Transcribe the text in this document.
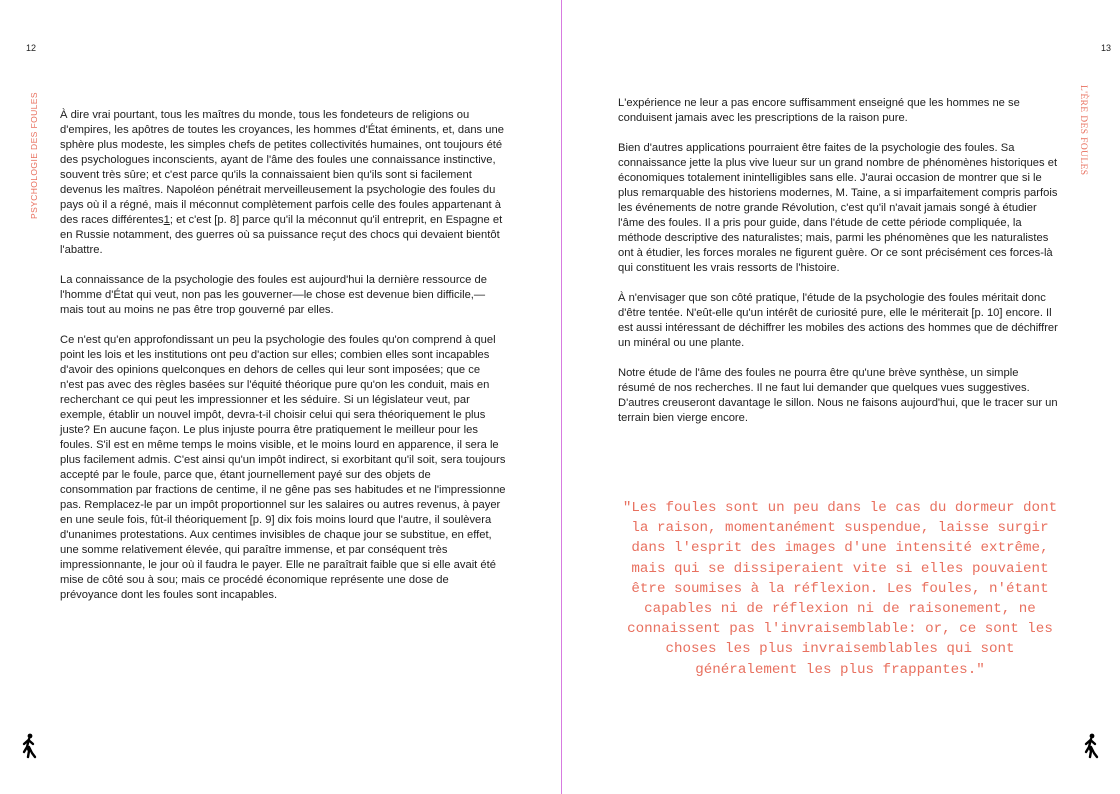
12
PSYCHOLOGIE DES FOULES À dire vrai pourtant, tous les maîtres du monde, tous les fondeteurs de religions ou d'empires, les apôtres de toutes les croyances, les hommes d'État éminents, et, dans une sphère plus modeste, les simples chefs de petites collectivités humaines, ont toujours été des psychologues inconscients, ayant de l'âme des foules une connaissance instinctive, souvent très sûre; et c'est parce qu'ils la connaissaient bien qu'ils sont si facilement devenus les maîtres. Napoléon pénétrait merveilleusement la psychologie des foules du pays où il a régné, mais il méconnut complètement parfois celle des foules appartenant à des races différentes1; et c'est [p. 8] parce qu'il la méconnut qu'il entreprit, en Espagne et en Russie notamment, des guerres où sa puissance reçut des chocs qui devaient bientôt l'abattre.

La connaissance de la psychologie des foules est aujourd'hui la dernière ressource de l'homme d'État qui veut, non pas les gouverner—le chose est devenue bien difficile,—mais tout au moins ne pas être trop gouverné par elles.

Ce n'est qu'en approfondissant un peu la psychologie des foules qu'on comprend à quel point les lois et les institutions ont peu d'action sur elles; combien elles sont incapables d'avoir des opinions quelconques en dehors de celles qui leur sont imposées; que ce n'est pas avec des règles basées sur l'équité théorique pure qu'on les conduit, mais en recherchant ce qui peut les impressionner et les séduire. Si un législateur veut, par exemple, établir un nouvel impôt, devra-t-il choisir celui qui sera théoriquement le plus juste? En aucune façon. Le plus injuste pourra être pratiquement le meilleur pour les foules. S'il est en même temps le moins visible, et le moins lourd en apparence, il sera le plus facilement admis. C'est ainsi qu'un impôt indirect, si exorbitant qu'il soit, sera toujours accepté par le foule, parce que, étant journellement payé sur des objets de consommation par fractions de centime, il ne gêne pas ses habitudes et ne l'impressionne pas. Remplacez-le par un impôt proportionnel sur les salaires ou autres revenus, à payer en une seule fois, fût-il théoriquement [p. 9] dix fois moins lourd que l'autre, il soulèvera d'unanimes protestations. Aux centimes invisibles de chaque jour se substitue, en effet, une somme relativement élevée, qui paraître immense, et par conséquent très impressionnante, le jour où il faudra le payer. Elle ne paraîtrait faible que si elle avait été mise de côté sou à sou; mais ce procédé économique représente une dose de prévoyance dont les foules sont incapables.

13
L'ÈRE DES FOULES

L'expérience ne leur a pas encore suffisamment enseigné que les hommes ne se conduisent jamais avec les prescriptions de la raison pure.

Bien d'autres applications pourraient être faites de la psychologie des foules. Sa connaissance jette la plus vive lueur sur un grand nombre de phénomènes historiques et économiques totalement inintelligibles sans elle. J'aurai occasion de montrer que si le plus remarquable des historiens modernes, M. Taine, a si imparfaitement compris parfois les événements de notre grande Révolution, c'est qu'il n'avait jamais songé à étudier l'âme des foules. Il a pris pour guide, dans l'étude de cette période compliquée, la méthode descriptive des naturalistes; mais, parmi les phénomènes que les naturalistes ont à étudier, les forces morales ne figurent guère. Or ce sont précisément ces forces-là qui constituent les vrais ressorts de l'histoire.

À n'envisager que son côté pratique, l'étude de la psychologie des foules méritait donc d'être tentée. N'eût-elle qu'un intérêt de curiosité pure, elle le mériterait [p. 10] encore. Il est aussi intéressant de déchiffrer les mobiles des actions des hommes que de déchiffrer un minéral ou une plante.

Notre étude de l'âme des foules ne pourra être qu'une brève synthèse, un simple résumé de nos recherches. Il ne faut lui demander que quelques vues suggestives. D'autres creuseront davantage le sillon. Nous ne faisons aujourd'hui, que le tracer sur un terrain bien vierge encore.

"Les foules sont un peu dans le cas du dormeur dont la raison, momentanément suspendue, laisse surgir dans l'esprit des images d'une intensité extrême, mais qui se dissiperaient vite si elles pouvaient être soumises à la réflexion. Les foules, n'étant capables ni de réflexion ni de raisonement, ne connaissent pas l'invraisemblable: or, ce sont les choses les plus invraisemblables qui sont généralement les plus frappantes."
